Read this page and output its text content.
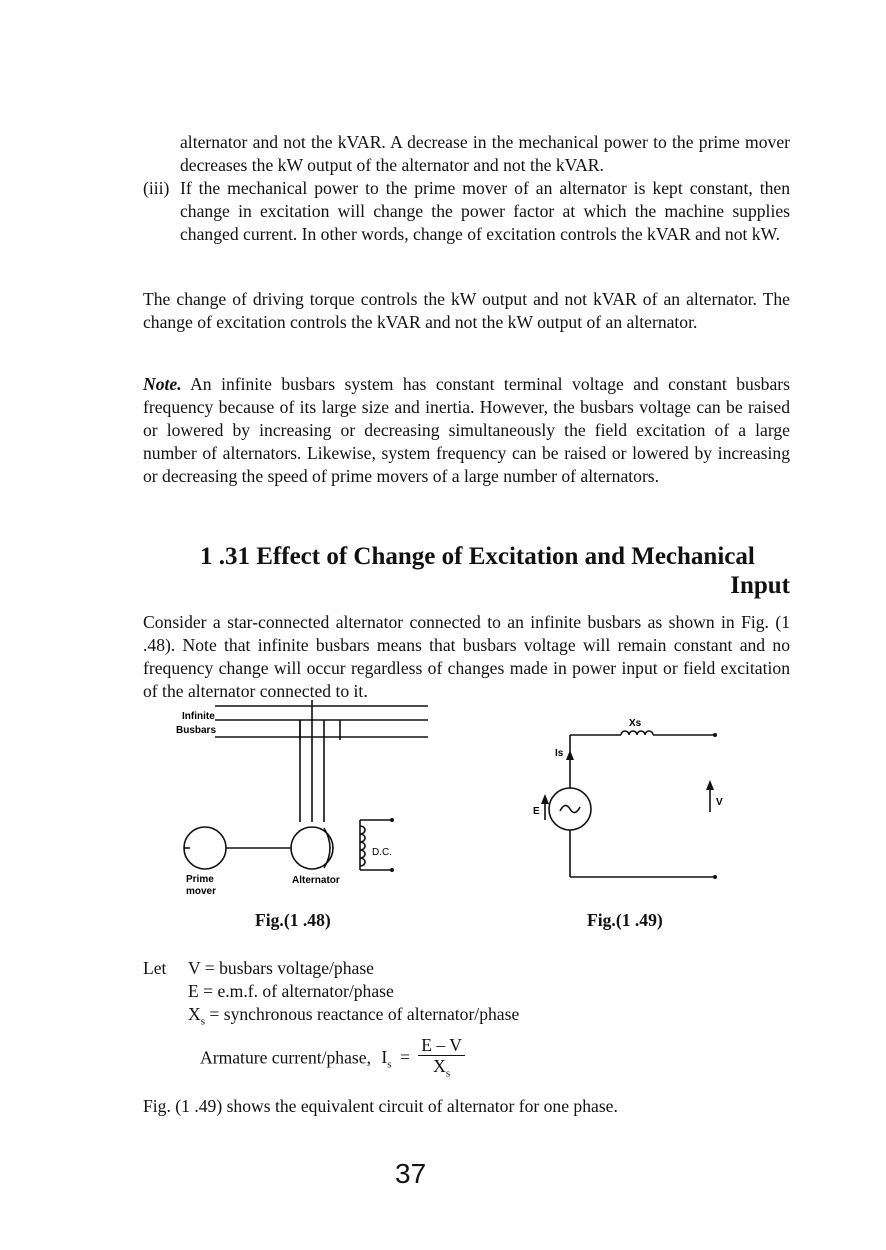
alternator and not the kVAR. A decrease in the mechanical power to the prime mover decreases the kW output of the alternator and not the kVAR.

(iii) If the mechanical power to the prime mover of an alternator is kept constant, then change in excitation will change the power factor at which the machine supplies changed current. In other words, change of excitation controls the kVAR and not kW.

The change of driving torque controls the kW output and not kVAR of an alternator. The change of excitation controls the kVAR and not the kW output of an alternator.

Note. An infinite busbars system has constant terminal voltage and constant busbars frequency because of its large size and inertia. However, the busbars voltage can be raised or lowered by increasing or decreasing simultaneously the field excitation of a large number of alternators. Likewise, system frequency can be raised or lowered by increasing or decreasing the speed of prime movers of a large number of alternators.

1 .31 Effect of Change of Excitation and Mechanical
Input

Consider a star-connected alternator connected to an infinite busbars as shown in Fig. (1 .48). Note that infinite busbars means that busbars voltage will remain constant and no frequency change will occur regardless of changes made in power input or field excitation of the alternator connected to it.

Infinite
Busbars
D.C.
Prime
mover
Alternator
Fig.(1 .48)
Xs
Is
E
V
Fig.(1 .49)
Let V = busbars voltage/phase
E = e.m.f. of alternator/phase
$X_s$ = synchronous reactance of alternator/phase
Armature current/phase, $I_s = \frac{E - V}{X_s}$

Fig. (1 .49) shows the equivalent circuit of alternator for one phase.

37
